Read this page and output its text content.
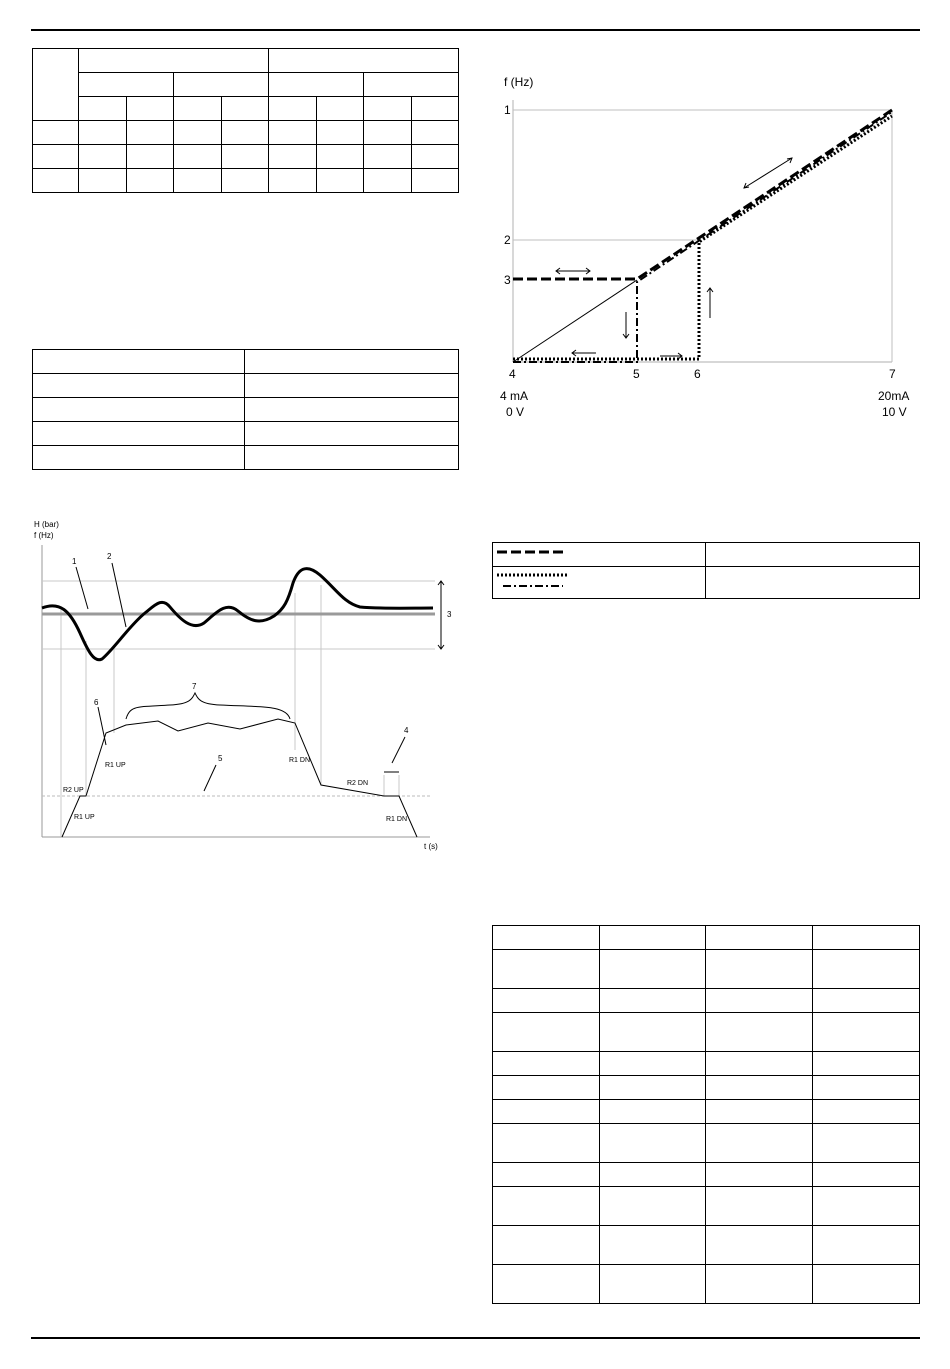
f (Hz)
1
2
3
4	5	6	7
4 mA
0 V
20mA
10 V

H (bar)
f (Hz)
t (s)
1
2
3
4
5
6
7
R2 UP
R1 UP
R1 UP
R1 DN
R2 DN
R1 DN
